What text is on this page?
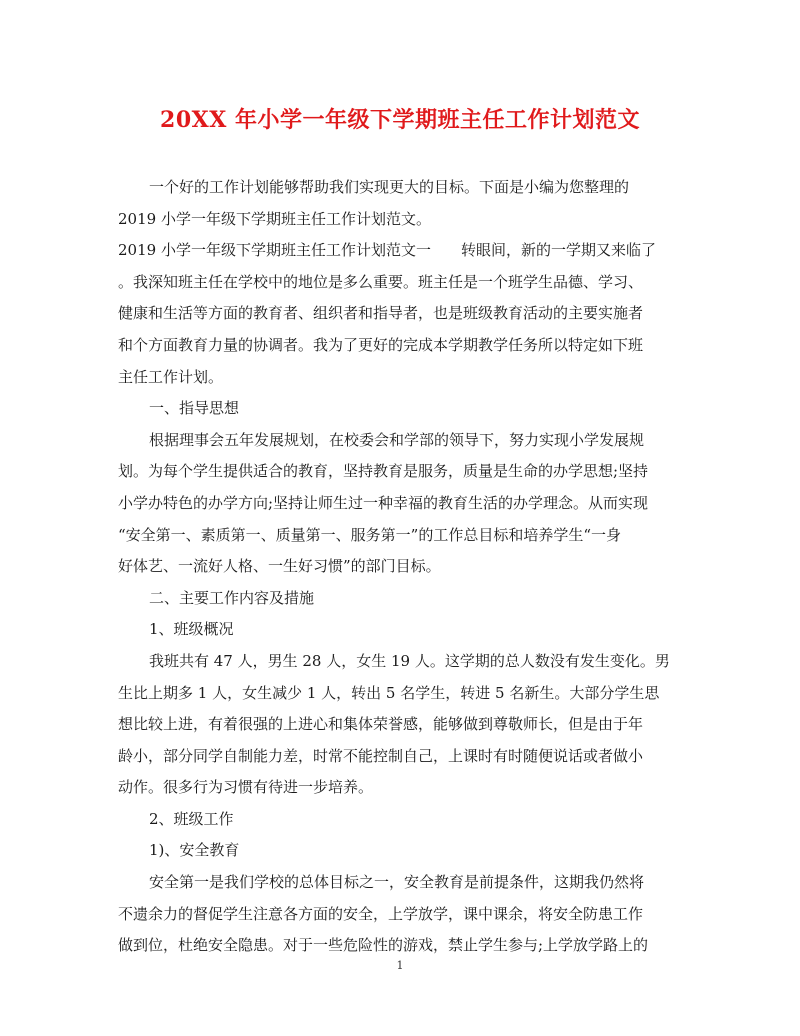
20XX 年小学一年级下学期班主任工作计划范文

一个好的工作计划能够帮助我们实现更大的目标。下面是小编为您整理的

2019 小学一年级下学期班主任工作计划范文。

2019 小学一年级下学期班主任工作计划范文一　　转眼间，新的一学期又来临了

。我深知班主任在学校中的地位是多么重要。班主任是一个班学生品德、学习、

健康和生活等方面的教育者、组织者和指导者，也是班级教育活动的主要实施者

和个方面教育力量的协调者。我为了更好的完成本学期教学任务所以特定如下班

主任工作计划。

一、指导思想

根据理事会五年发展规划，在校委会和学部的领导下，努力实现小学发展规

划。为每个学生提供适合的教育，坚持教育是服务，质量是生命的办学思想;坚持

小学办特色的办学方向;坚持让师生过一种幸福的教育生活的办学理念。从而实现

“安全第一、素质第一、质量第一、服务第一”的工作总目标和培养学生“一身

好体艺、一流好人格、一生好习惯”的部门目标。

二、主要工作内容及措施

1、班级概况

我班共有 47 人，男生 28 人，女生 19 人。这学期的总人数没有发生变化。男

生比上期多 1 人，女生减少 1 人，转出 5 名学生，转进 5 名新生。大部分学生思

想比较上进，有着很强的上进心和集体荣誉感，能够做到尊敬师长，但是由于年

龄小，部分同学自制能力差，时常不能控制自己，上课时有时随便说话或者做小

动作。很多行为习惯有待进一步培养。

2、班级工作

1)、安全教育

安全第一是我们学校的总体目标之一，安全教育是前提条件，这期我仍然将

不遗余力的督促学生注意各方面的安全，上学放学，课中课余，将安全防患工作

做到位，杜绝安全隐患。对于一些危险性的游戏，禁止学生参与;上学放学路上的

1
